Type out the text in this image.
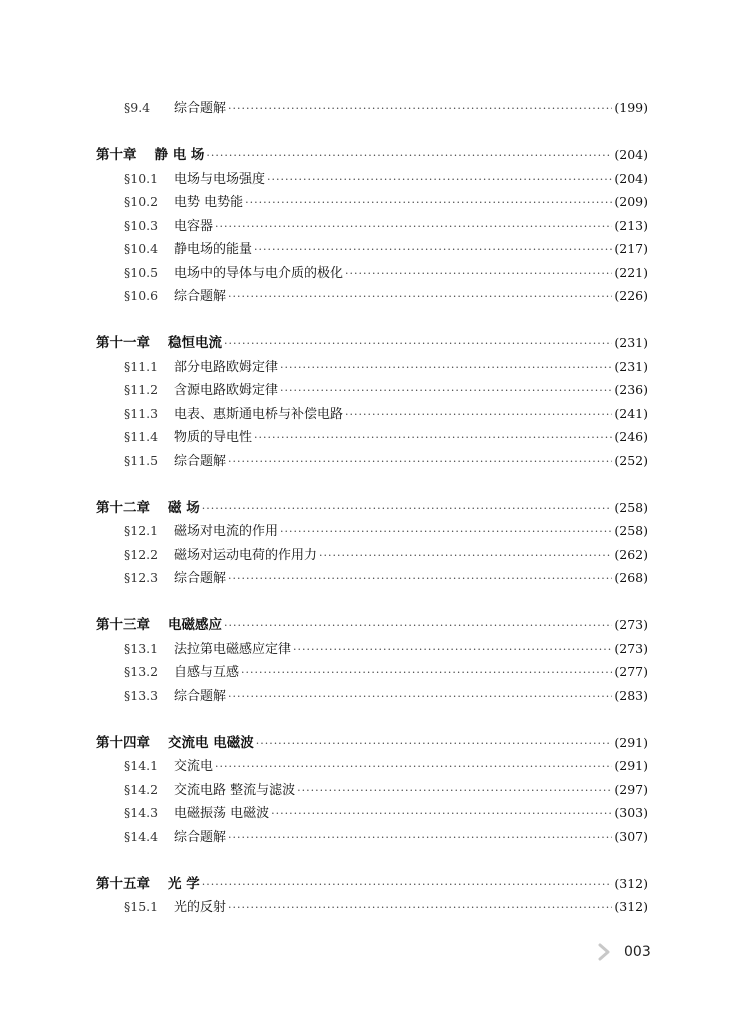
§9.4	综合题解 ·····	(199)
第十章 静 电 场 ·····	(204)
§10.1	电场与电场强度 ·····	(204)
§10.2	电势 电势能 ·····	(209)
§10.3	电容器 ·····	(213)
§10.4	静电场的能量 ·····	(217)
§10.5	电场中的导体与电介质的极化 ·····	(221)
§10.6	综合题解 ·····	(226)
第十一章 稳恒电流 ·····	(231)
§11.1	部分电路欧姆定律 ·····	(231)
§11.2	含源电路欧姆定律 ·····	(236)
§11.3	电表、惠斯通电桥与补偿电路 ·····	(241)
§11.4	物质的导电性 ·····	(246)
§11.5	综合题解 ·····	(252)
第十二章 磁 场 ·····	(258)
§12.1	磁场对电流的作用 ·····	(258)
§12.2	磁场对运动电荷的作用力 ·····	(262)
§12.3	综合题解 ·····	(268)
第十三章 电磁感应 ·····	(273)
§13.1	法拉第电磁感应定律 ·····	(273)
§13.2	自感与互感 ·····	(277)
§13.3	综合题解 ·····	(283)
第十四章 交流电 电磁波 ·····	(291)
§14.1	交流电 ·····	(291)
§14.2	交流电路 整流与滤波 ·····	(297)
§14.3	电磁振荡 电磁波 ·····	(303)
§14.4	综合题解 ·····	(307)
第十五章 光 学 ·····	(312)
§15.1	光的反射 ·····	(312)
003
